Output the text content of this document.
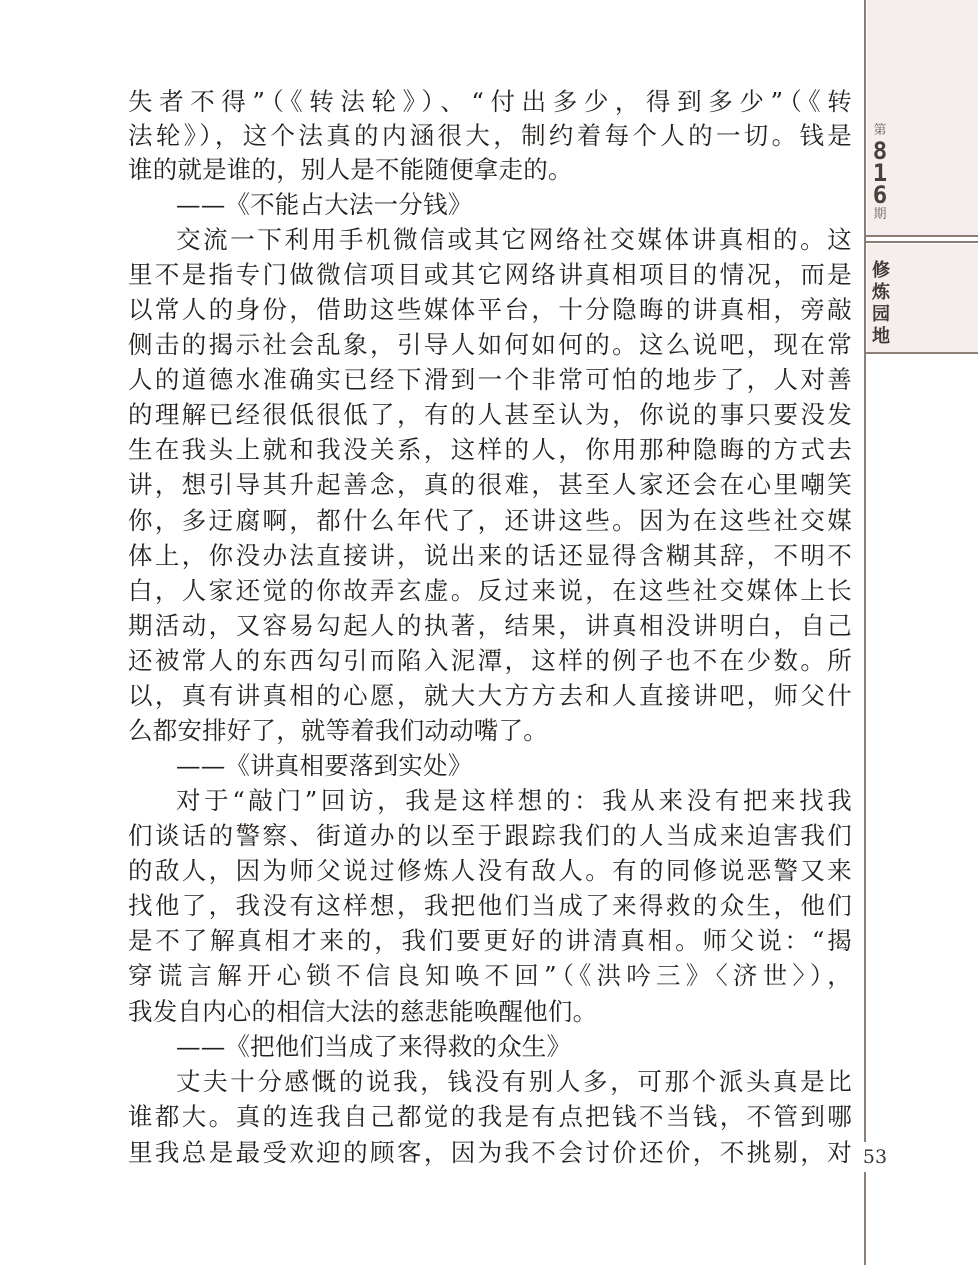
第
8
1
6
期
修
炼
园
地
53
失者不得”（《转法轮》）、“付出多少，得到多少”（《转
法轮》），这个法真的内涵很大，制约着每个人的一切。钱是
谁的就是谁的，别人是不能随便拿走的。
——《不能占大法一分钱》
交流一下利用手机微信或其它网络社交媒体讲真相的。这
里不是指专门做微信项目或其它网络讲真相项目的情况，而是
以常人的身份，借助这些媒体平台，十分隐晦的讲真相，旁敲
侧击的揭示社会乱象，引导人如何如何的。这么说吧，现在常
人的道德水准确实已经下滑到一个非常可怕的地步了，人对善
的理解已经很低很低了，有的人甚至认为，你说的事只要没发
生在我头上就和我没关系，这样的人，你用那种隐晦的方式去
讲，想引导其升起善念，真的很难，甚至人家还会在心里嘲笑
你，多迂腐啊，都什么年代了，还讲这些。因为在这些社交媒
体上，你没办法直接讲，说出来的话还显得含糊其辞，不明不
白，人家还觉的你故弄玄虚。反过来说，在这些社交媒体上长
期活动，又容易勾起人的执著，结果，讲真相没讲明白，自己
还被常人的东西勾引而陷入泥潭，这样的例子也不在少数。所
以，真有讲真相的心愿，就大大方方去和人直接讲吧，师父什
么都安排好了，就等着我们动动嘴了。
——《讲真相要落到实处》
对于“敲门”回访，我是这样想的：我从来没有把来找我
们谈话的警察、街道办的以至于跟踪我们的人当成来迫害我们
的敌人，因为师父说过修炼人没有敌人。有的同修说恶警又来
找他了，我没有这样想，我把他们当成了来得救的众生，他们
是不了解真相才来的，我们要更好的讲清真相。师父说：“揭
穿谎言解开心锁不信良知唤不回”（《洪吟三》〈济世〉），
我发自内心的相信大法的慈悲能唤醒他们。
——《把他们当成了来得救的众生》
丈夫十分感慨的说我，钱没有别人多，可那个派头真是比
谁都大。真的连我自己都觉的我是有点把钱不当钱，不管到哪
里我总是最受欢迎的顾客，因为我不会讨价还价，不挑剔，对
